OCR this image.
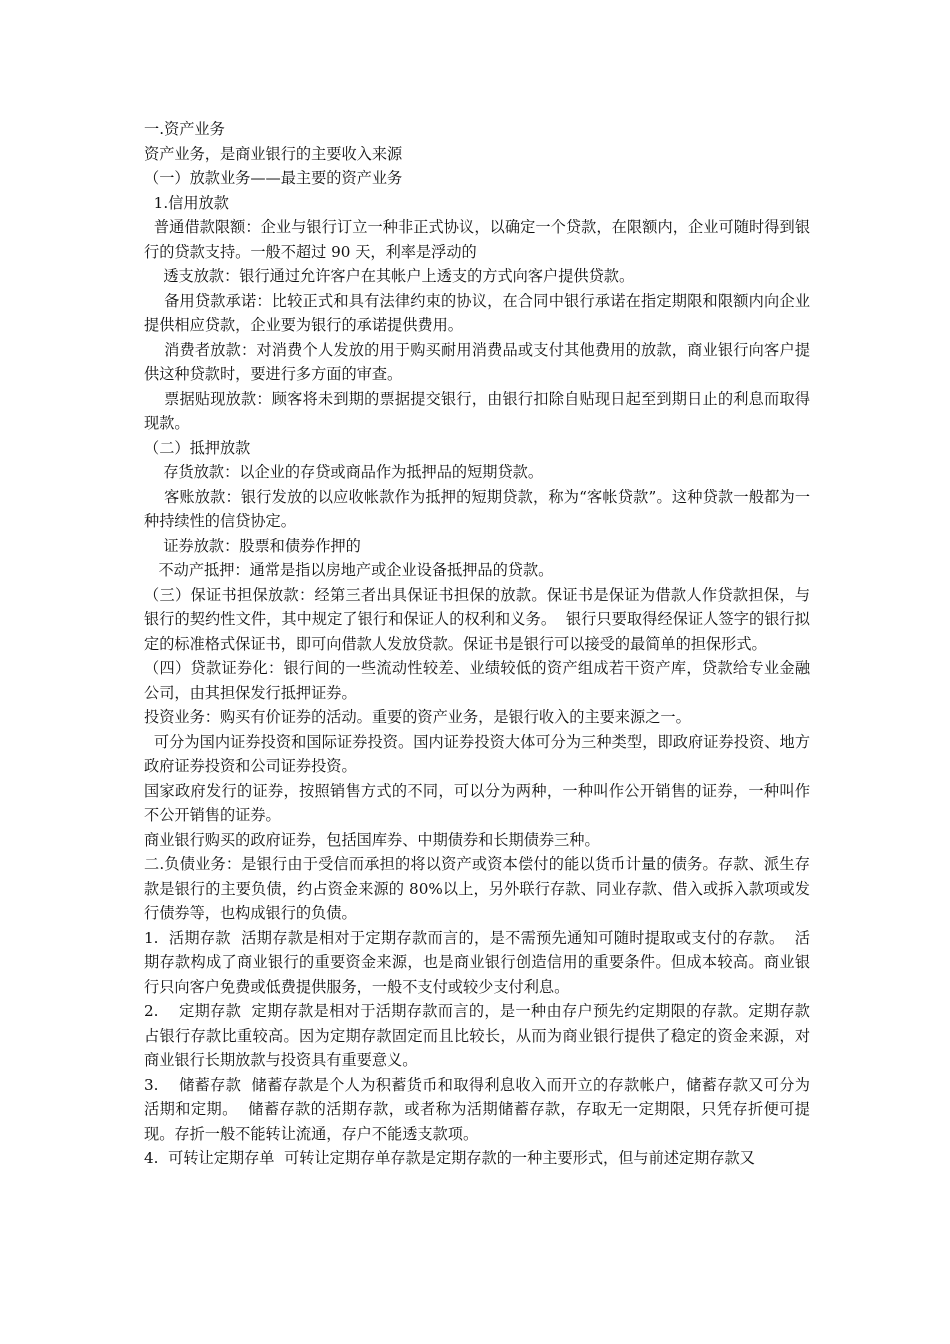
一.资产业务

资产业务，是商业银行的主要收入来源

（一）放款业务——最主要的资产业务

1.信用放款

普通借款限额：企业与银行订立一种非正式协议，以确定一个贷款，在限额内，企业可随时得到银行的贷款支持。一般不超过 90 天，利率是浮动的

透支放款：银行通过允许客户在其帐户上透支的方式向客户提供贷款。

备用贷款承诺：比较正式和具有法律约束的协议，在合同中银行承诺在指定期限和限额内向企业提供相应贷款，企业要为银行的承诺提供费用。

消费者放款：对消费个人发放的用于购买耐用消费品或支付其他费用的放款，商业银行向客户提供这种贷款时，要进行多方面的审查。

票据贴现放款：顾客将未到期的票据提交银行，由银行扣除自贴现日起至到期日止的利息而取得现款。

（二）抵押放款

存货放款：以企业的存贷或商品作为抵押品的短期贷款。

客账放款：银行发放的以应收帐款作为抵押的短期贷款，称为“客帐贷款”。这种贷款一般都为一种持续性的信贷协定。

证券放款：股票和债券作押的

不动产抵押：通常是指以房地产或企业设备抵押品的贷款。

（三）保证书担保放款：经第三者出具保证书担保的放款。保证书是保证为借款人作贷款担保，与银行的契约性文件，其中规定了银行和保证人的权利和义务。  银行只要取得经保证人签字的银行拟定的标准格式保证书，即可向借款人发放贷款。保证书是银行可以接受的最简单的担保形式。

（四）贷款证券化：银行间的一些流动性较差、业绩较低的资产组成若干资产库，贷款给专业金融公司，由其担保发行抵押证券。

投资业务：购买有价证券的活动。重要的资产业务，是银行收入的主要来源之一。

可分为国内证券投资和国际证券投资。国内证券投资大体可分为三种类型，即政府证券投资、地方政府证券投资和公司证券投资。

国家政府发行的证券，按照销售方式的不同，可以分为两种，一种叫作公开销售的证券，一种叫作不公开销售的证券。

商业银行购买的政府证券，包括国库券、中期债券和长期债券三种。

二.负债业务：是银行由于受信而承担的将以资产或资本偿付的能以货币计量的债务。存款、派生存款是银行的主要负债，约占资金来源的 80%以上，另外联行存款、同业存款、借入或拆入款项或发行债券等，也构成银行的负债。

1.  活期存款  活期存款是相对于定期存款而言的，是不需预先通知可随时提取或支付的存款。  活期存款构成了商业银行的重要资金来源，也是商业银行创造信用的重要条件。但成本较高。商业银行只向客户免费或低费提供服务，一般不支付或较少支付利息。

2.    定期存款  定期存款是相对于活期存款而言的，是一种由存户预先约定期限的存款。定期存款占银行存款比重较高。因为定期存款固定而且比较长，从而为商业银行提供了稳定的资金来源，对商业银行长期放款与投资具有重要意义。

3.    储蓄存款  储蓄存款是个人为积蓄货币和取得利息收入而开立的存款帐户，储蓄存款又可分为活期和定期。  储蓄存款的活期存款，或者称为活期储蓄存款，存取无一定期限，只凭存折便可提现。存折一般不能转让流通，存户不能透支款项。

4.  可转让定期存单  可转让定期存单存款是定期存款的一种主要形式，但与前述定期存款又
